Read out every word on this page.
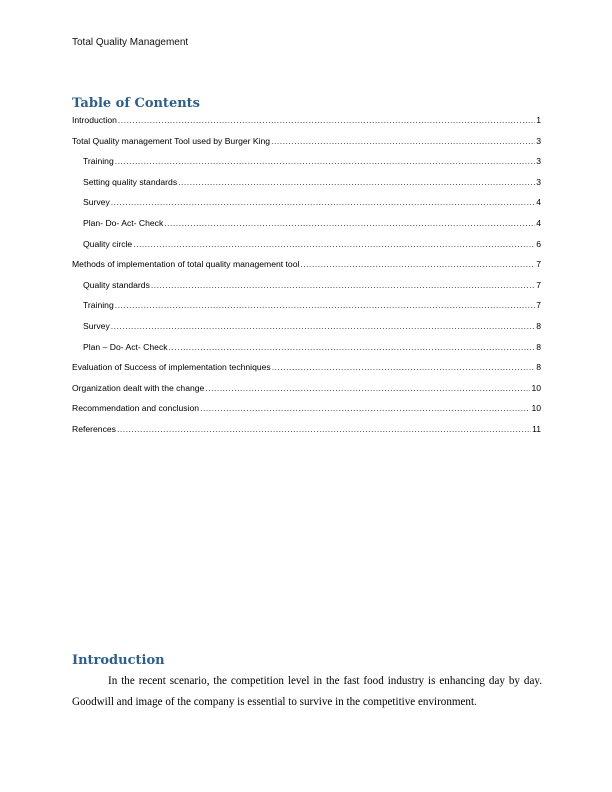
Total Quality Management
Table of Contents
Introduction .....	1
Total Quality management Tool used by Burger King .....	3
Training .....	3
Setting quality standards .....	3
Survey .....	4
Plan- Do- Act- Check .....	4
Quality circle .....	6
Methods of implementation of total quality management tool .....	7
Quality standards .....	7
Training .....	7
Survey .....	8
Plan – Do- Act- Check .....	8
Evaluation of Success of implementation techniques .....	8
Organization dealt with the change .....	10
Recommendation and conclusion .....	10
References .....	11
Introduction

In the recent scenario, the competition level in the fast food industry is enhancing day by day. Goodwill and image of the company is essential to survive in the competitive environment.
